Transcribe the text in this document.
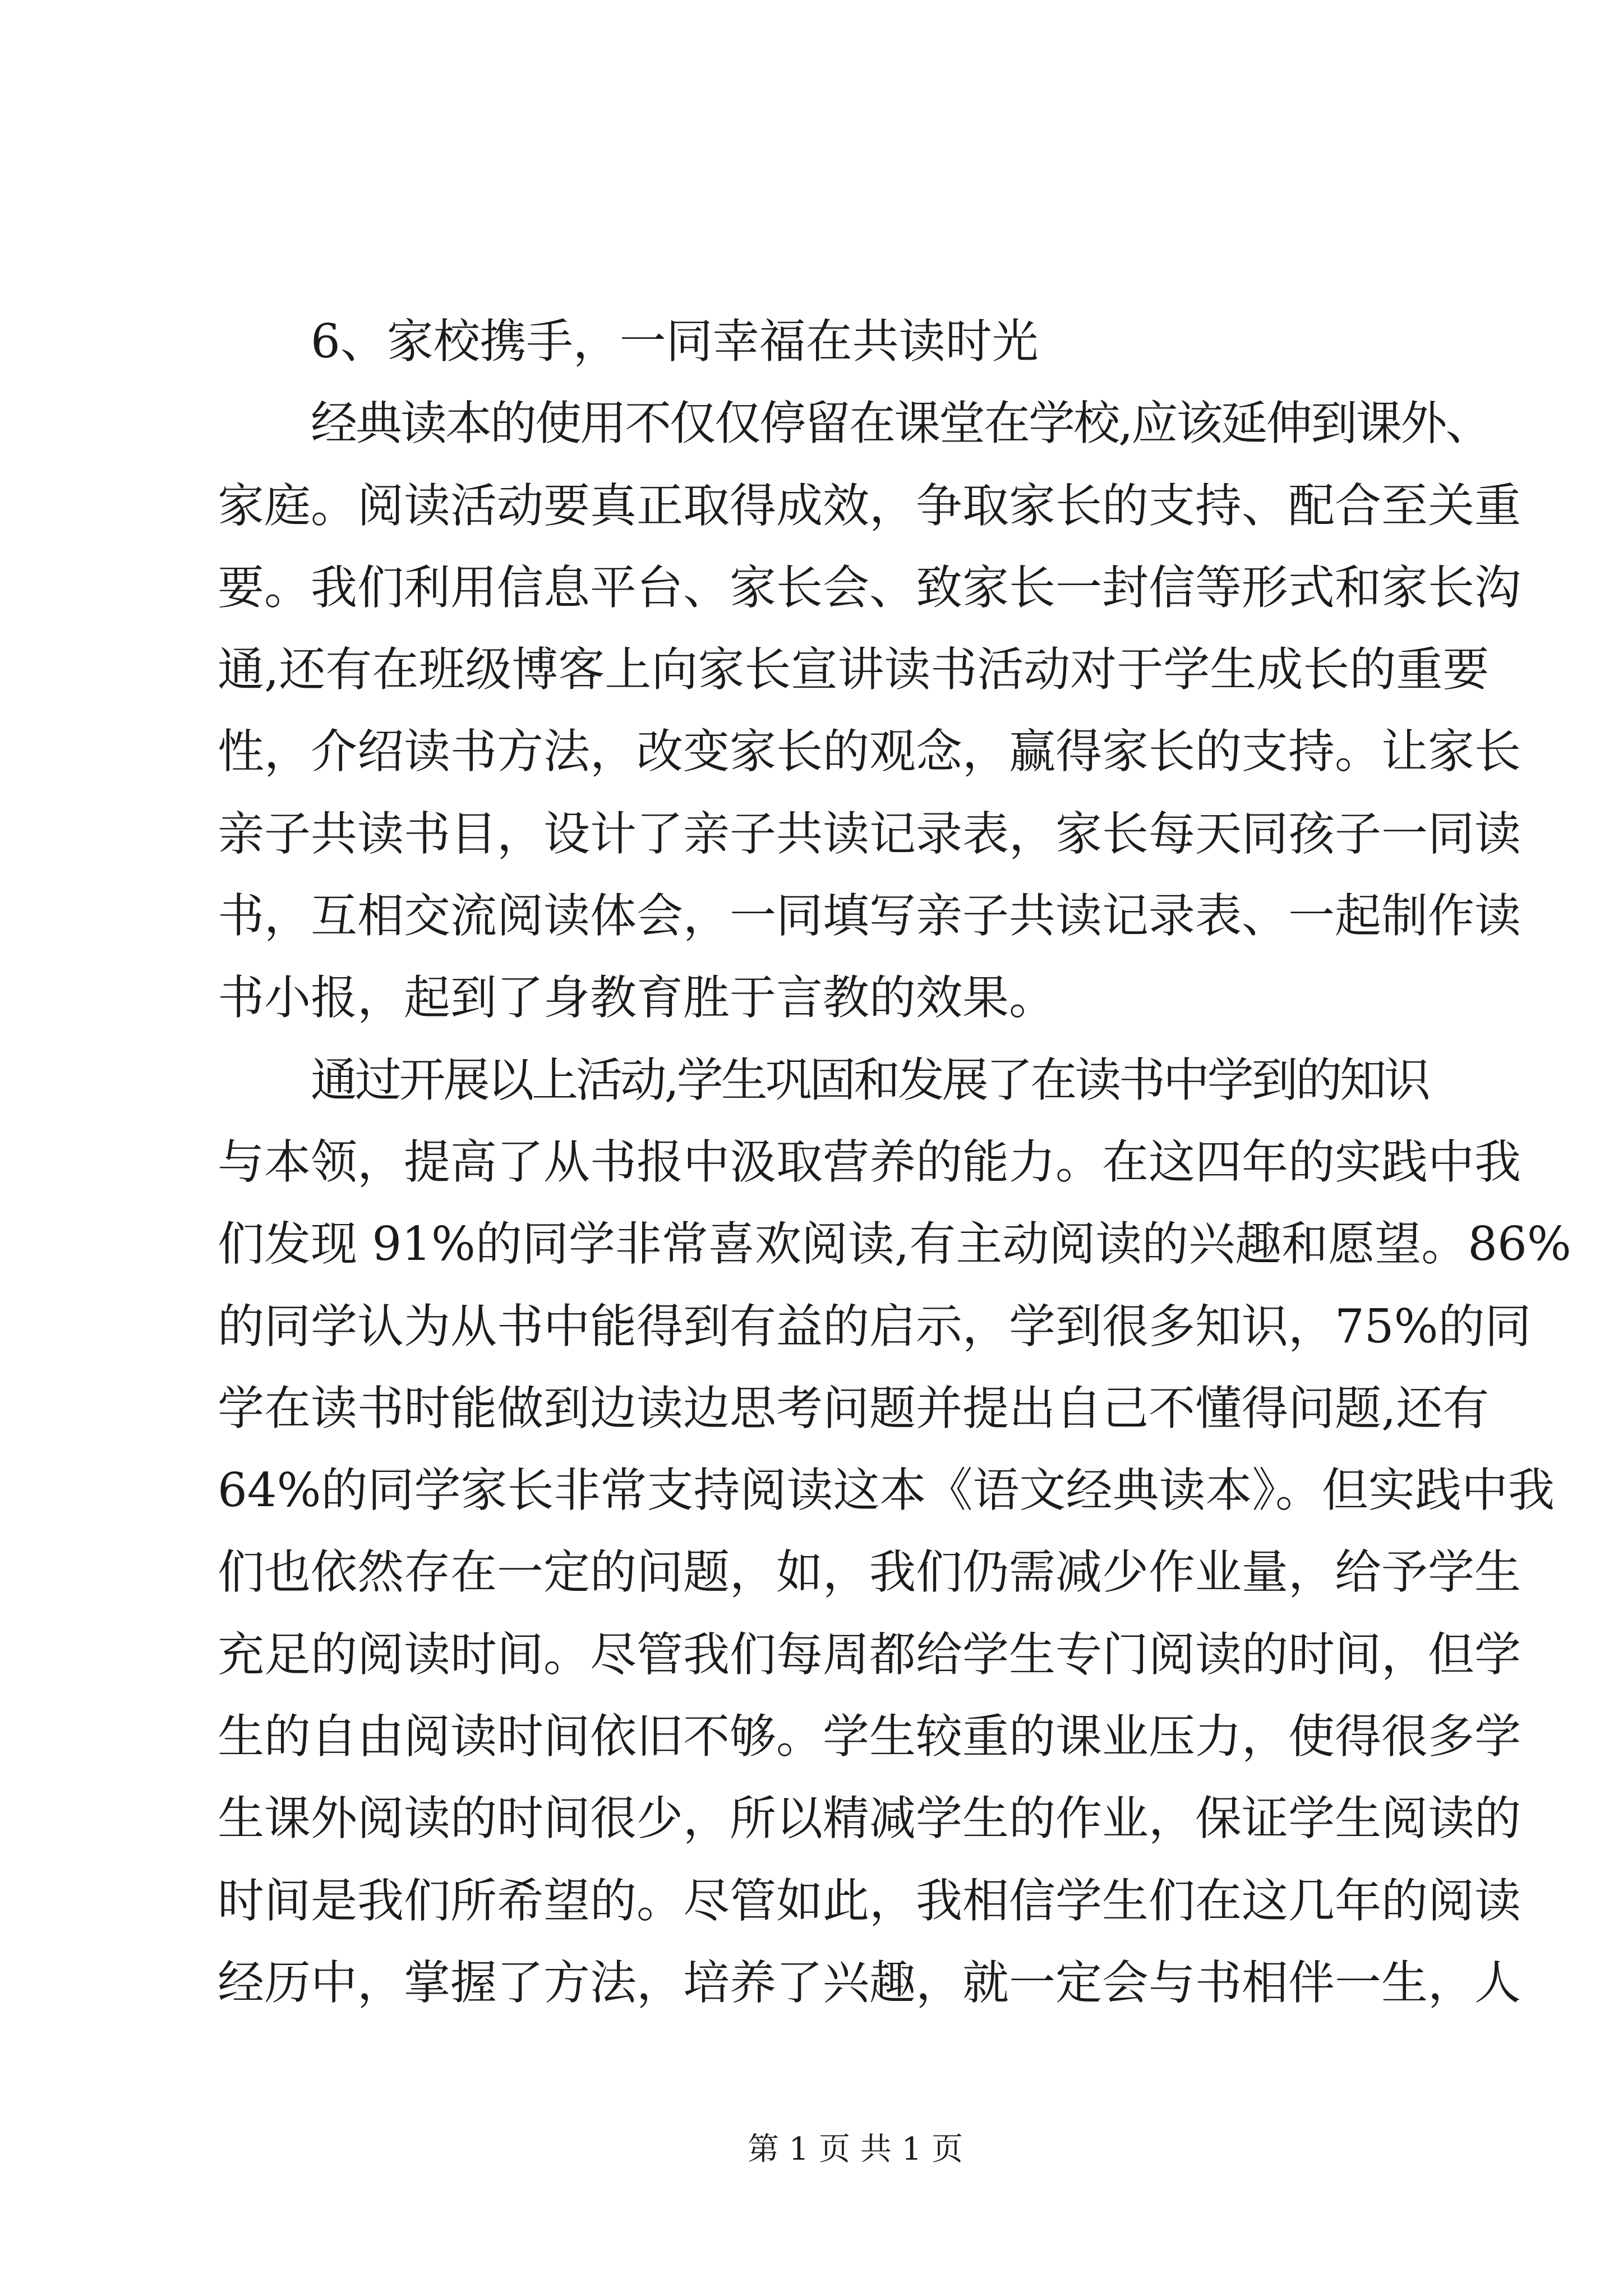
6、家校携手，一同幸福在共读时光
经典读本的使用不仅仅停留在课堂在学校,应该延伸到课外、
家庭。阅读活动要真正取得成效，争取家长的支持、配合至关重
要。我们利用信息平台、家长会、致家长一封信等形式和家长沟
通,还有在班级博客上向家长宣讲读书活动对于学生成长的重要
性，介绍读书方法，改变家长的观念，赢得家长的支持。让家长
亲子共读书目，设计了亲子共读记录表，家长每天同孩子一同读
书，互相交流阅读体会，一同填写亲子共读记录表、一起制作读
书小报，起到了身教育胜于言教的效果。
通过开展以上活动,学生巩固和发展了在读书中学到的知识
与本领，提高了从书报中汲取营养的能力。在这四年的实践中我
们发现 91%的同学非常喜欢阅读,有主动阅读的兴趣和愿望。86%
的同学认为从书中能得到有益的启示，学到很多知识，75%的同
学在读书时能做到边读边思考问题并提出自己不懂得问题,还有
64%的同学家长非常支持阅读这本《语文经典读本》。但实践中我
们也依然存在一定的问题，如，我们仍需减少作业量，给予学生
充足的阅读时间。尽管我们每周都给学生专门阅读的时间，但学
生的自由阅读时间依旧不够。学生较重的课业压力，使得很多学
生课外阅读的时间很少，所以精减学生的作业，保证学生阅读的
时间是我们所希望的。尽管如此，我相信学生们在这几年的阅读
经历中，掌握了方法，培养了兴趣，就一定会与书相伴一生，人
第 1 页 共 1 页
